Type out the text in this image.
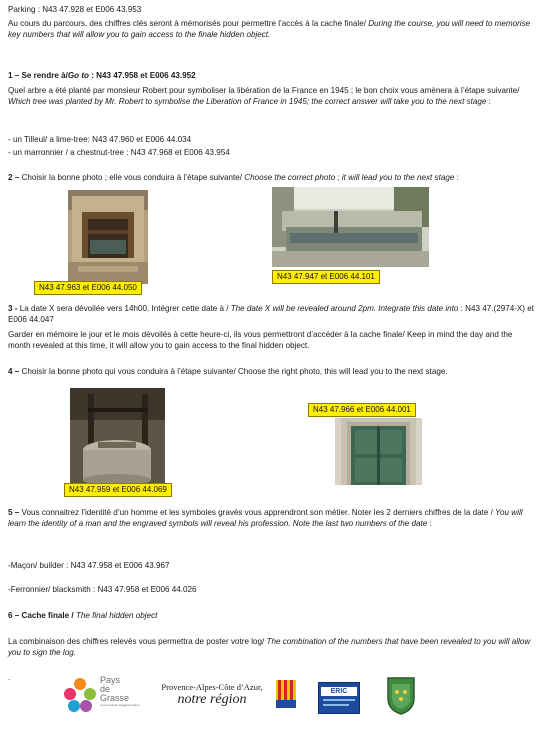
Parking : N43 47.928 et E006 43.953

Au cours du parcours, des chiffres clés seront à mémorisés pour permettre l’accès à la cache finale/ During the course, you will need to memorise key numbers that will allow you to gain access to the finale hidden object.

1 – Se rendre à/Go to : N43 47.958 et E006 43.952

Quel arbre a été planté par monsieur Robert pour symboliser la libération de la France en 1945 ; le bon choix vous amènera à l’étape suivante/ Which tree was planted by Mr. Robert to symbolise the Liberation of France in 1945; the correct answer will take you to the next stage :

- un Tilleul/ a lime-tree: N43 47.960 et E006 44.034

- un marronnier / a chestnut-tree : N43 47.968 et E006 43.954

2 – Choisir la bonne photo ; elle vous conduira à l’étape suivante/ Choose the correct photo ; it will lead you to the next stage :

N43 47.963 et E006 44.050
N43 47.947 et E006 44.101

3 - La date X sera dévoilée vers 14h00. Intégrer cette date à / The date X will be revealed around 2pm. Integrate this date into : N43 47.(2974-X) et E006 44.047

Garder en mémoire le jour et le mois dévoilés à cette heure-ci, ils vous permettront d’accéder à la cache finale/ Keep in mind the day and the month revealed at this time, it will allow you to gain access to the final hidden object.

4 – Choisir la bonne photo qui vous conduira à l’étape suivante/ Choose the right photo, this will lead you to the next stage.

N43 47.959 et E006 44.069
N43 47.966 et E006 44.001

5 – Vous connaitrez l’identité d’un homme et les symboles gravés vous apprendront son métier. Noter les 2 derniers chiffres de la date / You will learn the identity of a man and the engraved symbols will reveal his profession. Note the last two numbers of the date :

-Maçon/ builder : N43 47.958 et E006 43.967

-Ferronnier/ blacksmith : N43 47.958 et E006 44.026

6 – Cache finale / The final hidden object

La combinaison des chiffres relevés vous permettra de poster votre log/ The combination of the numbers that have been revealed to you will allow you to sign the log.

.	Pays
de
Grasse
communauté d'agglomération
Provence-Alpes-Côte d’Azur,
notre région
ERIC
